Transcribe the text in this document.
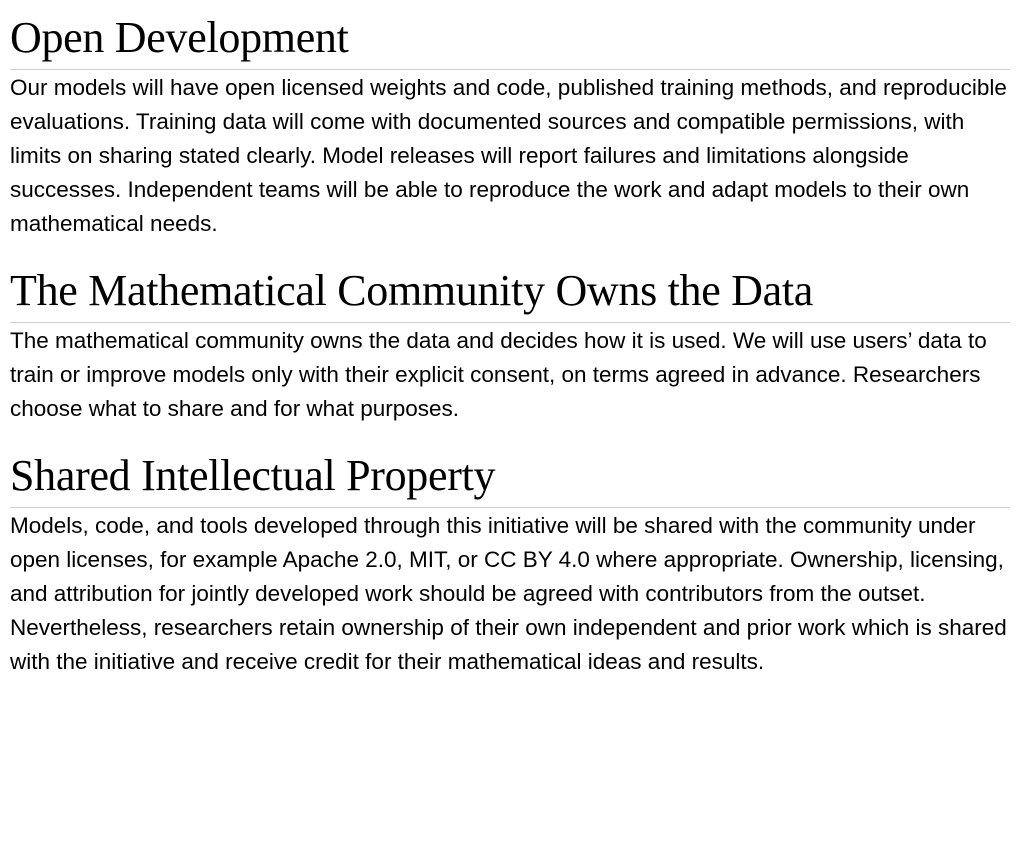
Open Development

Our models will have open licensed weights and code, published training methods, and reproducible evaluations. Training data will come with documented sources and compatible permissions, with limits on sharing stated clearly. Model releases will report failures and limitations alongside successes. Independent teams will be able to reproduce the work and adapt models to their own mathematical needs.

The Mathematical Community Owns the Data

The mathematical community owns the data and decides how it is used. We will use users’ data to train or improve models only with their explicit consent, on terms agreed in advance. Researchers choose what to share and for what purposes.

Shared Intellectual Property

Models, code, and tools developed through this initiative will be shared with the community under open licenses, for example Apache 2.0, MIT, or CC BY 4.0 where appropriate. Ownership, licensing, and attribution for jointly developed work should be agreed with contributors from the outset. Nevertheless, researchers retain ownership of their own independent and prior work which is shared with the initiative and receive credit for their mathematical ideas and results.
